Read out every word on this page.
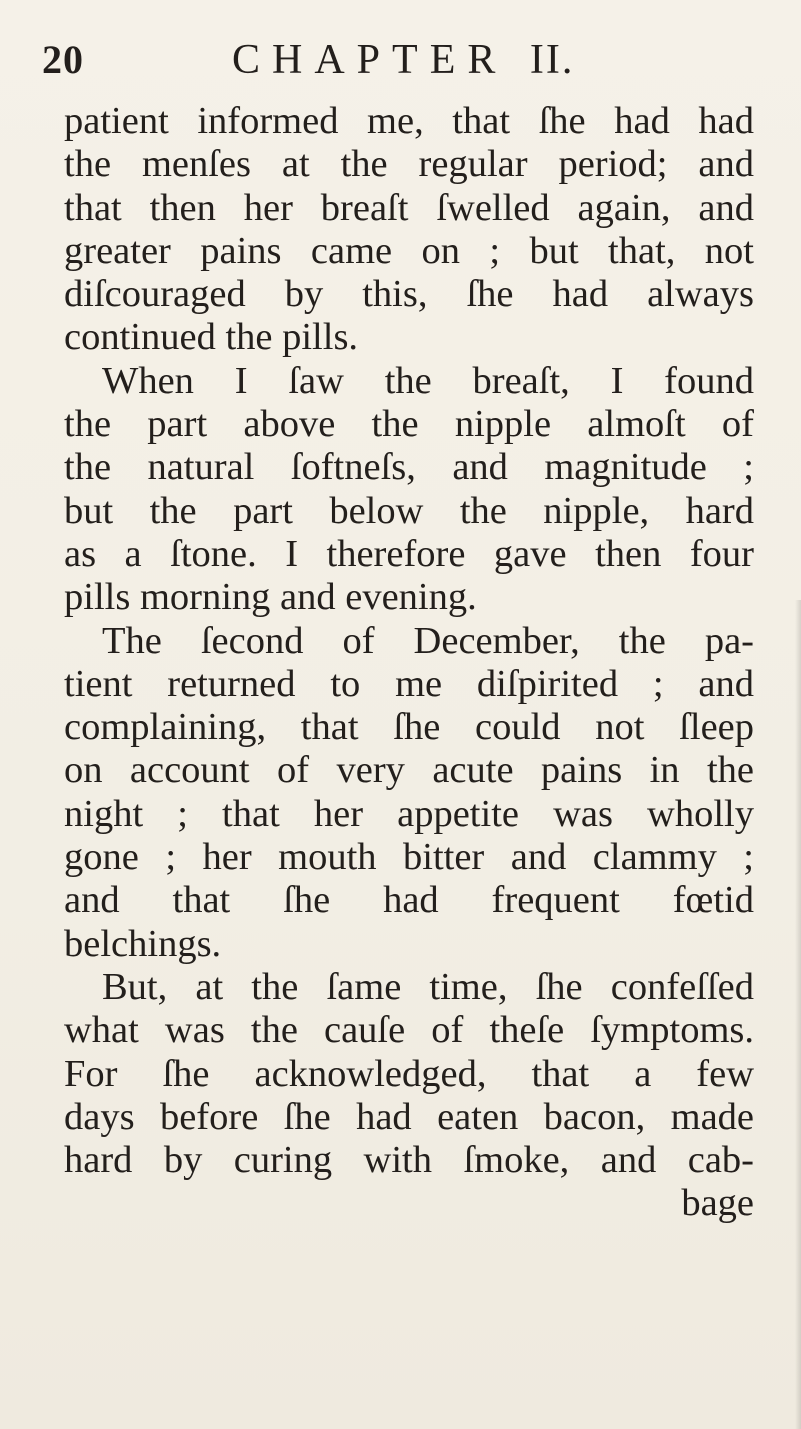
20	CHAPTER II.
patient informed me, that ſhe had had
the menſes at the regular period; and
that then her breaſt ſwelled again, and
greater pains came on ; but that, not
diſcouraged by this, ſhe had always
continued the pills.
When I ſaw the breaſt, I found
the part above the nipple almoſt of
the natural ſoftneſs, and magnitude ;
but the part below the nipple, hard
as a ſtone. I therefore gave then four
pills morning and evening.
The ſecond of December, the pa-
tient returned to me diſpirited ; and
complaining, that ſhe could not ſleep
on account of very acute pains in the
night ; that her appetite was wholly
gone ; her mouth bitter and clammy ;
and that ſhe had frequent fœtid
belchings.
But, at the ſame time, ſhe confeſſed
what was the cauſe of theſe ſymptoms.
For ſhe acknowledged, that a few
days before ſhe had eaten bacon, made
hard by curing with ſmoke, and cab-
bage
